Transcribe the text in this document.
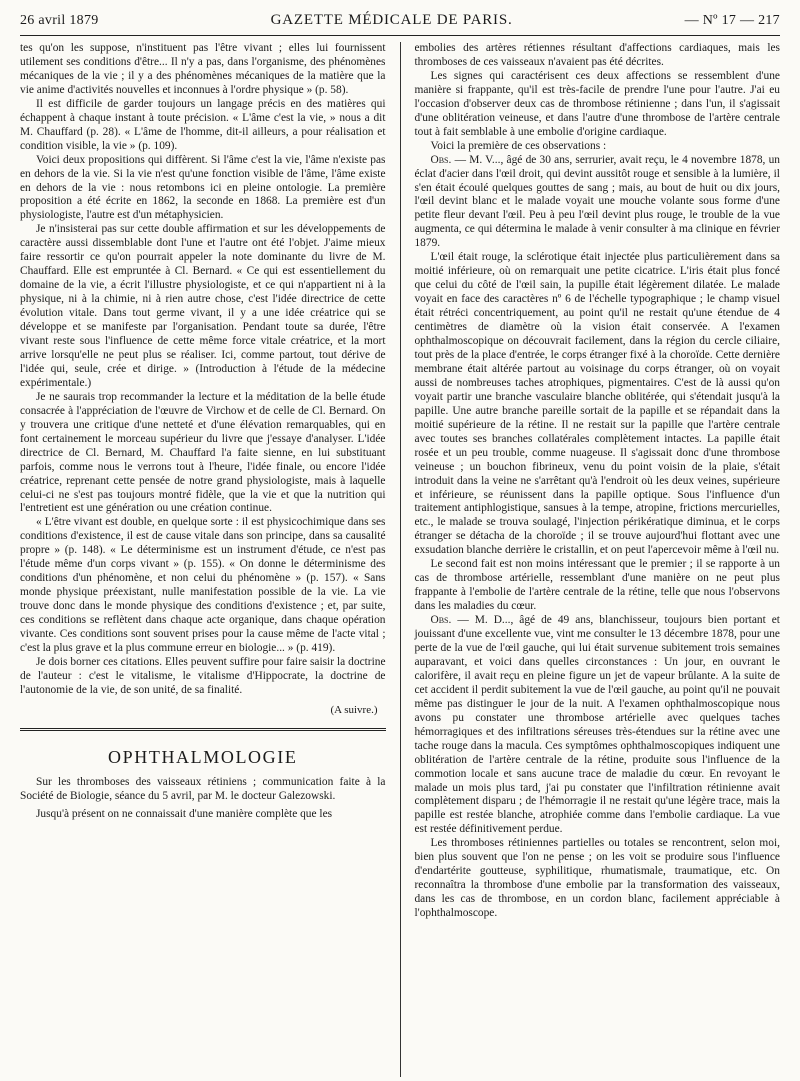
26 avril 1879	GAZETTE MÉDICALE DE PARIS.	— Nº 17 — 217

tes qu'on les suppose, n'instituent pas l'être vivant ; elles lui fournissent utilement ses conditions d'être... Il n'y a pas, dans l'organisme, des phénomènes mécaniques de la vie ; il y a des phénomènes mécaniques de la matière que la vie anime d'activités nouvelles et inconnues à l'ordre physique » (p. 58).

Il est difficile de garder toujours un langage précis en des matières qui échappent à chaque instant à toute précision. « L'âme c'est la vie, » nous a dit M. Chauffard (p. 28). « L'âme de l'homme, dit-il ailleurs, a pour réalisation et condition visible, la vie » (p. 109).

Voici deux propositions qui diffèrent. Si l'âme c'est la vie, l'âme n'existe pas en dehors de la vie. Si la vie n'est qu'une fonction visible de l'âme, l'âme existe en dehors de la vie : nous retombons ici en pleine ontologie. La première proposition a été écrite en 1862, la seconde en 1868. La première est d'un physiologiste, l'autre est d'un métaphysicien.

Je n'insisterai pas sur cette double affirmation et sur les développements de caractère aussi dissemblable dont l'une et l'autre ont été l'objet. J'aime mieux faire ressortir ce qu'on pourrait appeler la note dominante du livre de M. Chauffard. Elle est empruntée à Cl. Bernard. « Ce qui est essentiellement du domaine de la vie, a écrit l'illustre physiologiste, et ce qui n'appartient ni à la physique, ni à la chimie, ni à rien autre chose, c'est l'idée directrice de cette évolution vitale. Dans tout germe vivant, il y a une idée créatrice qui se développe et se manifeste par l'organisation. Pendant toute sa durée, l'être vivant reste sous l'influence de cette même force vitale créatrice, et la mort arrive lorsqu'elle ne peut plus se réaliser. Ici, comme partout, tout dérive de l'idée qui, seule, crée et dirige. » (Introduction à l'étude de la médecine expérimentale.)

Je ne saurais trop recommander la lecture et la méditation de la belle étude consacrée à l'appréciation de l'œuvre de Virchow et de celle de Cl. Bernard. On y trouvera une critique d'une netteté et d'une élévation remarquables, qui en font certainement le morceau supérieur du livre que j'essaye d'analyser. L'idée directrice de Cl. Bernard, M. Chauffard l'a faite sienne, en lui substituant parfois, comme nous le verrons tout à l'heure, l'idée finale, ou encore l'idée créatrice, reprenant cette pensée de notre grand physiologiste, mais à laquelle celui-ci ne s'est pas toujours montré fidèle, que la vie et que la nutrition qui l'entretient est une génération ou une création continue.

« L'être vivant est double, en quelque sorte : il est physicochimique dans ses conditions d'existence, il est de cause vitale dans son principe, dans sa causalité propre » (p. 148). « Le déterminisme est un instrument d'étude, ce n'est pas l'étude même d'un corps vivant » (p. 155). « On donne le déterminisme des conditions d'un phénomène, et non celui du phénomène » (p. 157). « Sans monde physique préexistant, nulle manifestation possible de la vie. La vie trouve donc dans le monde physique des conditions d'existence ; et, par suite, ces conditions se reflètent dans chaque acte organique, dans chaque opération vivante. Ces conditions sont souvent prises pour la cause même de l'acte vital ; c'est la plus grave et la plus commune erreur en biologie... » (p. 419).

Je dois borner ces citations. Elles peuvent suffire pour faire saisir la doctrine de l'auteur : c'est le vitalisme, le vitalisme d'Hippocrate, la doctrine de l'autonomie de la vie, de son unité, de sa finalité.

(A suivre.)
OPHTHALMOLOGIE
Sur les thromboses des vaisseaux rétiniens ; communication faite à la Société de Biologie, séance du 5 avril, par M. le docteur Galezowski.

Jusqu'à présent on ne connaissait d'une manière complète que les

embolies des artères rétiennes résultant d'affections cardiaques, mais les thromboses de ces vaisseaux n'avaient pas été décrites.

Les signes qui caractérisent ces deux affections se ressemblent d'une manière si frappante, qu'il est très-facile de prendre l'une pour l'autre. J'ai eu l'occasion d'observer deux cas de thrombose rétinienne ; dans l'un, il s'agissait d'une oblitération veineuse, et dans l'autre d'une thrombose de l'artère centrale tout à fait semblable à une embolie d'origine cardiaque.

Voici la première de ces observations :

Obs. — M. V..., âgé de 30 ans, serrurier, avait reçu, le 4 novembre 1878, un éclat d'acier dans l'œil droit, qui devint aussitôt rouge et sensible à la lumière, il s'en était écoulé quelques gouttes de sang ; mais, au bout de huit ou dix jours, l'œil devint blanc et le malade voyait une mouche volante sous forme d'une petite fleur devant l'œil. Peu à peu l'œil devint plus rouge, le trouble de la vue augmenta, ce qui détermina le malade à venir consulter à ma clinique en février 1879.

L'œil était rouge, la sclérotique était injectée plus particulièrement dans sa moitié inférieure, où on remarquait une petite cicatrice. L'iris était plus foncé que celui du côté de l'œil sain, la pupille était légèrement dilatée. Le malade voyait en face des caractères nº 6 de l'échelle typographique ; le champ visuel était rétréci concentriquement, au point qu'il ne restait qu'une étendue de 4 centimètres de diamètre où la vision était conservée. A l'examen ophthalmoscopique on découvrait facilement, dans la région du cercle ciliaire, tout près de la place d'entrée, le corps étranger fixé à la choroïde. Cette dernière membrane était altérée partout au voisinage du corps étranger, où on voyait aussi de nombreuses taches atrophiques, pigmentaires. C'est de là aussi qu'on voyait partir une branche vasculaire blanche oblitérée, qui s'étendait jusqu'à la papille. Une autre branche pareille sortait de la papille et se répandait dans la moitié supérieure de la rétine. Il ne restait sur la papille que l'artère centrale avec toutes ses branches collatérales complètement intactes. La papille était rosée et un peu trouble, comme nuageuse. Il s'agissait donc d'une thrombose veineuse ; un bouchon fibrineux, venu du point voisin de la plaie, s'était introduit dans la veine ne s'arrêtant qu'à l'endroit où les deux veines, supérieure et inférieure, se réunissent dans la papille optique. Sous l'influence d'un traitement antiphlogistique, sansues à la tempe, atropine, frictions mercurielles, etc., le malade se trouva soulagé, l'injection périkératique diminua, et le corps étranger se détacha de la choroïde ; il se trouve aujourd'hui flottant avec une exsudation blanche derrière le cristallin, et on peut l'apercevoir même à l'œil nu.

Le second fait est non moins intéressant que le premier ; il se rapporte à un cas de thrombose artérielle, ressemblant d'une manière on ne peut plus frappante à l'embolie de l'artère centrale de la rétine, telle que nous l'observons dans les maladies du cœur.

Obs. — M. D..., âgé de 49 ans, blanchisseur, toujours bien portant et jouissant d'une excellente vue, vint me consulter le 13 décembre 1878, pour une perte de la vue de l'œil gauche, qui lui était survenue subitement trois semaines auparavant, et voici dans quelles circonstances : Un jour, en ouvrant le calorifère, il avait reçu en pleine figure un jet de vapeur brûlante. A la suite de cet accident il perdit subitement la vue de l'œil gauche, au point qu'il ne pouvait même pas distinguer le jour de la nuit. A l'examen ophthalmoscopique nous avons pu constater une thrombose artérielle avec quelques taches hémorragiques et des infiltrations séreuses très-étendues sur la rétine avec une tache rouge dans la macula. Ces symptômes ophthalmoscopiques indiquent une oblitération de l'artère centrale de la rétine, produite sous l'influence de la commotion locale et sans aucune trace de maladie du cœur. En revoyant le malade un mois plus tard, j'ai pu constater que l'infiltration rétinienne avait complètement disparu ; de l'hémorragie il ne restait qu'une légère trace, mais la papille est restée blanche, atrophiée comme dans l'embolie cardiaque. La vue est restée définitivement perdue.

Les thromboses rétiniennes partielles ou totales se rencontrent, selon moi, bien plus souvent que l'on ne pense ; on les voit se produire sous l'influence d'endartérite goutteuse, syphilitique, rhumatismale, traumatique, etc. On reconnaîtra la thrombose d'une embolie par la transformation des vaisseaux, dans les cas de thrombose, en un cordon blanc, facilement appréciable à l'ophthalmoscope.
